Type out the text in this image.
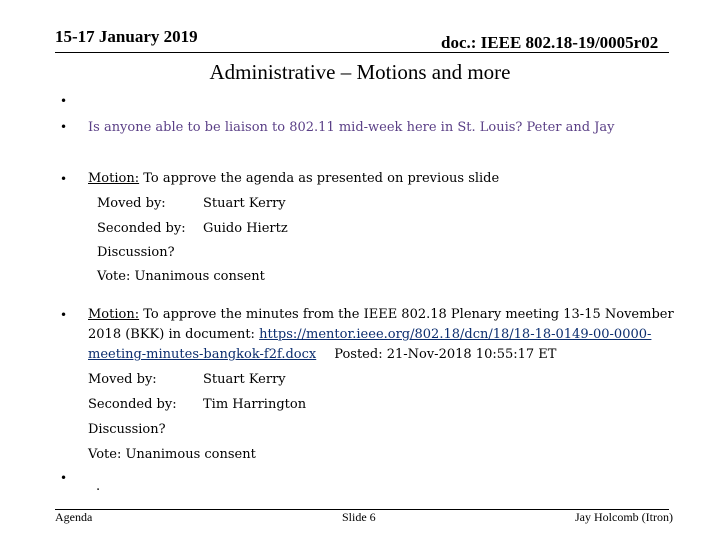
15-17 January 2019	doc.: IEEE 802.18-19/0005r02
Administrative – Motions and more
•
• Is anyone able to be liaison to 802.11 mid-week here in St. Louis? Peter and Jay
• Motion: To approve the agenda as presented on previous slide
Moved by:	Stuart Kerry
Seconded by: Guido Hiertz
Discussion?
Vote: Unanimous consent
• Motion: To approve the minutes from the IEEE 802.18 Plenary meeting 13-15 November
2018 (BKK) in document: https://mentor.ieee.org/802.18/dcn/18/18-18-0149-00-0000-
meeting-minutes-bangkok-f2f.docx Posted: 21-Nov-2018 10:55:17 ET
Moved by:	Stuart Kerry
Seconded by: Tim Harrington
Discussion?
Vote: Unanimous consent
•
.
Agenda	Slide 6	Jay Holcomb (Itron)
